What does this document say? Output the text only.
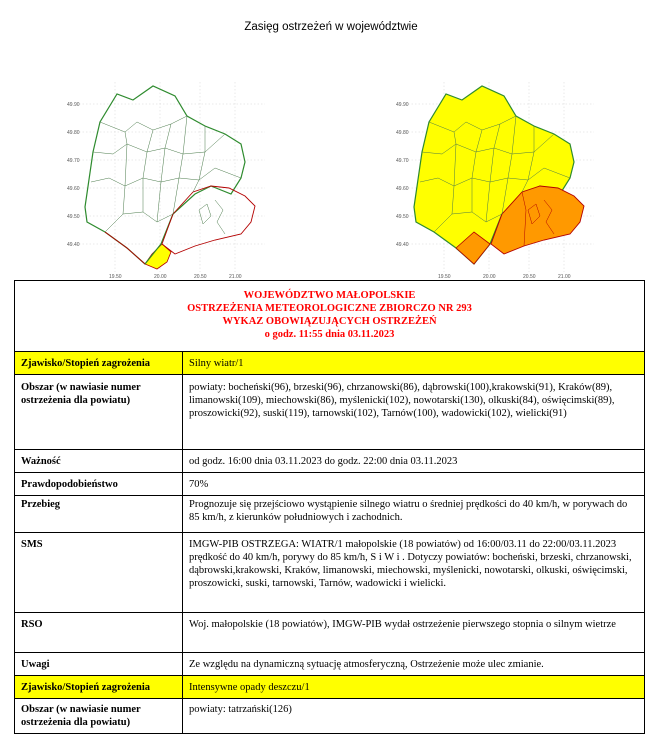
Zasięg ostrzeżeń w województwie
49.90
49.80
49.70
49.60
49.50
49.40
19.50	20.00	20.50	21.00
49.90
49.80
49.70
49.60
49.50
49.40
19.50	20.00	20.50	21.00
WOJEWÓDZTWO MAŁOPOLSKIE
OSTRZEŻENIA METEOROLOGICZNE ZBIORCZO NR 293
WYKAZ OBOWIĄZUJĄCYCH OSTRZEŻEŃ
o godz. 11:55 dnia 03.11.2023	

Zjawisko/Stopień zagrożenia	Silny wiatr/1
Obszar (w nawiasie numer ostrzeżenia dla powiatu)	powiaty: bocheński(96), brzeski(96), chrzanowski(86), dąbrowski(100),krakowski(91), Kraków(89), limanowski(109), miechowski(86), myślenicki(102), nowotarski(130), olkuski(84), oświęcimski(89), proszowicki(92), suski(119), tarnowski(102), Tarnów(100), wadowicki(102), wielicki(91)
Ważność	od godz. 16:00 dnia 03.11.2023 do godz. 22:00 dnia 03.11.2023
Prawdopodobieństwo	70%
Przebieg	Prognozuje się przejściowo wystąpienie silnego wiatru o średniej prędkości do 40 km/h, w porywach do 85 km/h, z kierunków południowych i zachodnich.
SMS	IMGW-PIB OSTRZEGA: WIATR/1 małopolskie (18 powiatów) od 16:00/03.11 do 22:00/03.11.2023 prędkość do 40 km/h, porywy do 85 km/h, S i W i . Dotyczy powiatów: bocheński, brzeski, chrzanowski, dąbrowski,krakowski, Kraków, limanowski, miechowski, myślenicki, nowotarski, olkuski, oświęcimski, proszowicki, suski, tarnowski, Tarnów, wadowicki i wielicki.
RSO	Woj. małopolskie (18 powiatów), IMGW-PIB wydał ostrzeżenie pierwszego stopnia o silnym wietrze
Uwagi	Ze względu na dynamiczną sytuację atmosferyczną, Ostrzeżenie może ulec zmianie.
Zjawisko/Stopień zagrożenia	Intensywne opady deszczu/1
Obszar (w nawiasie numer ostrzeżenia dla powiatu)	powiaty: tatrzański(126)
